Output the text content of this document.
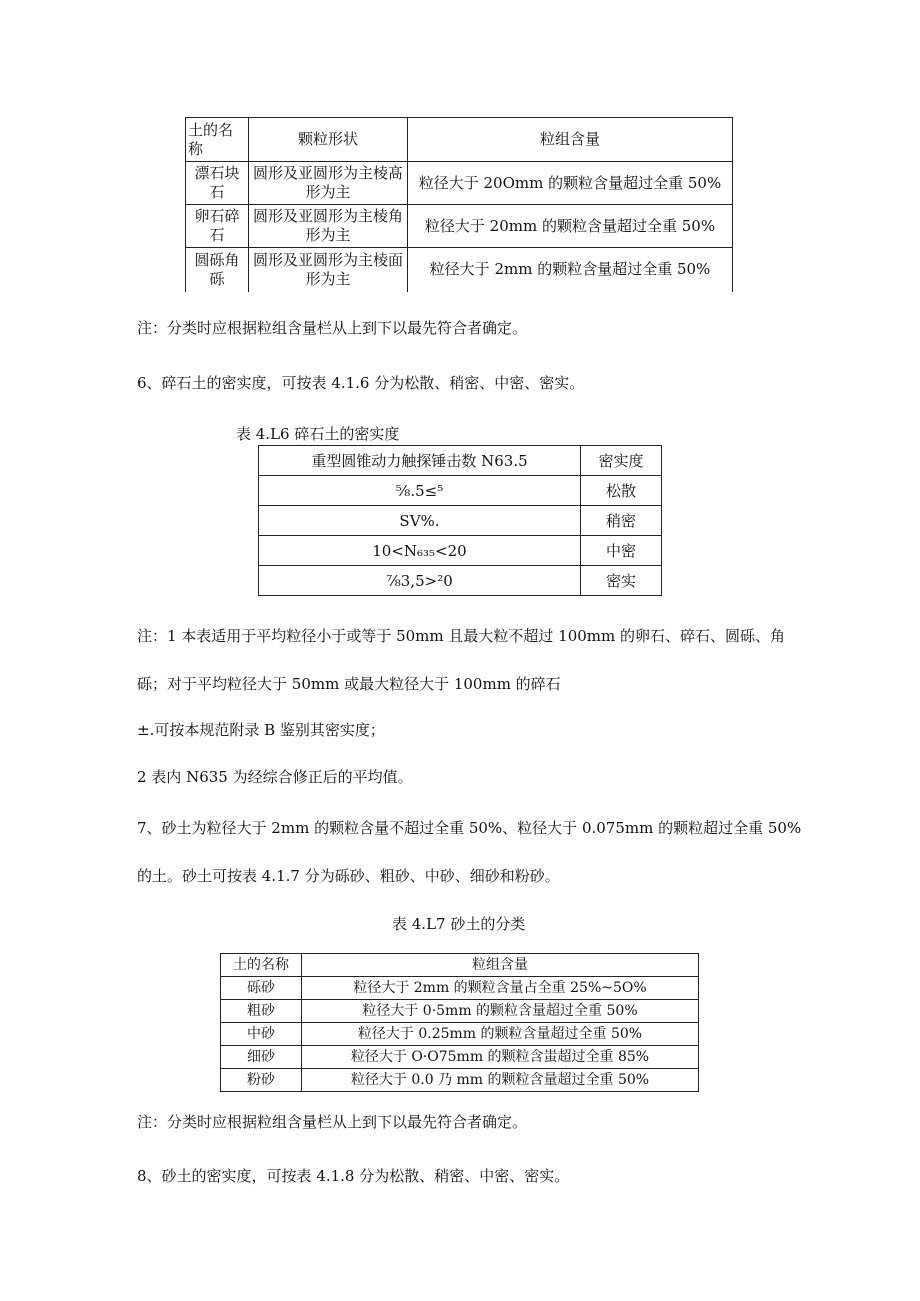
土的名称	颗粒形状	粒组含量
漂石块石	圆形及亚圆形为主棱髙形为主	粒径大于 20Omm 的颗粒含量超过全重 50%
卵石碎石	圆形及亚圆形为主棱角形为主	粒径大于 20mm 的颗粒含量超过全重 50%
圆砾角砾	圆形及亚圆形为主棱面形为主	粒径大于 2mm 的颗粒含量超过全重 50%
注：分类时应根据粒组含量栏从上到下以最先符合者确定。
6、碎石土的密实度，可按表 4.1.6 分为松散、稍密、中密、密实。
表 4.L6 碎石土的密实度
重型圆锥动力触探锤击数 N63.5	密实度
⅝.5≤⁵	松散
SV%.	稍密
10<N₆₃₅<20	中密
⅞3,5>²0	密实
注：1 本表适用于平均粒径小于或等于 50mm 且最大粒不超过 100mm 的卵石、碎石、圆砾、角
砾；对于平均粒径大于 50mm 或最大粒径大于 100mm 的碎石
±.可按本规范附录 B 鉴别其密实度；
2 表内 N635 为经综合修正后的平均值。
7、砂土为粒径大于 2mm 的颗粒含量不超过全重 50%、粒径大于 0.075mm 的颗粒超过全重 50%
的土。砂土可按表 4.1.7 分为砾砂、粗砂、中砂、细砂和粉砂。
表 4.L7 砂土的分类
土的名称	粒组含量
砾砂	粒径大于 2mm 的颗粒含量占全重 25%~5O%
粗砂	粒径大于 0·5mm 的颗粒含量超过全重 50%
中砂	粒径大于 0.25mm 的颗粒含量超过全重 50%
细砂	粒径大于 O·O75mm 的颗粒含蚩超过全重 85%
粉砂	粒径大于 0.0 乃 mm 的颗粒含量超过全重 50%
注：分类时应根据粒组含量栏从上到下以最先符合者确定。
8、砂土的密实度，可按表 4.1.8 分为松散、稍密、中密、密实。
